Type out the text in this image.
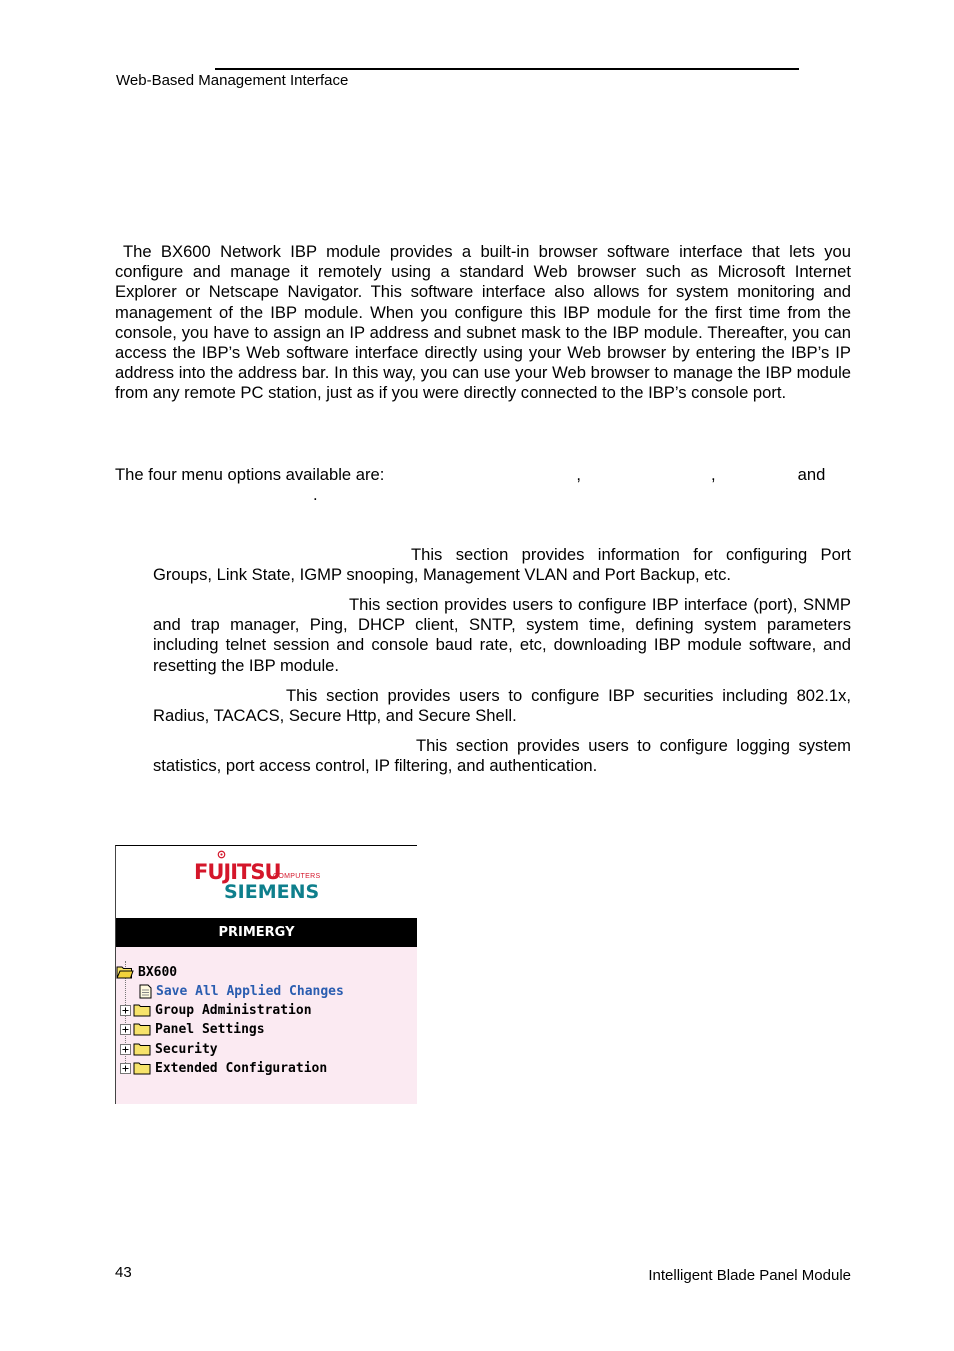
Web-Based Management Interface

The BX600 Network IBP module provides a built-in browser software interface that lets you configure and manage it remotely using a standard Web browser such as Microsoft Internet Explorer or Netscape Navigator. This software interface also allows for system monitoring and management of the IBP module. When you configure this IBP module for the first time from the console, you have to assign an IP address and subnet mask to the IBP module. Thereafter, you can access the IBP’s Web software interface directly using your Web browser by entering the IBP’s IP address into the address bar. In this way, you can use your Web browser to manage the IBP module from any remote PC station, just as if you were directly connected to the IBP’s console port.

The four menu options available are:	,	,	and
.

This section provides information for configuring Port Groups, Link State, IGMP snooping, Management VLAN and Port Backup, etc.

This section provides users to configure IBP interface (port), SNMP and trap manager, Ping, DHCP client, SNTP, system time, defining system parameters including telnet session and console baud rate, etc, downloading IBP module software, and resetting the IBP module.

This section provides users to configure IBP securities including 802.1x, Radius, TACACS, Secure Http, and Secure Shell.

This section provides users to configure logging system statistics, port access control, IP filtering, and authentication.

FUJITSU
COMPUTERS
SIEMENS
PRIMERGY
BX600
Save All Applied Changes
Group Administration
Panel Settings
Security
Extended Configuration
43	Intelligent Blade Panel Module
